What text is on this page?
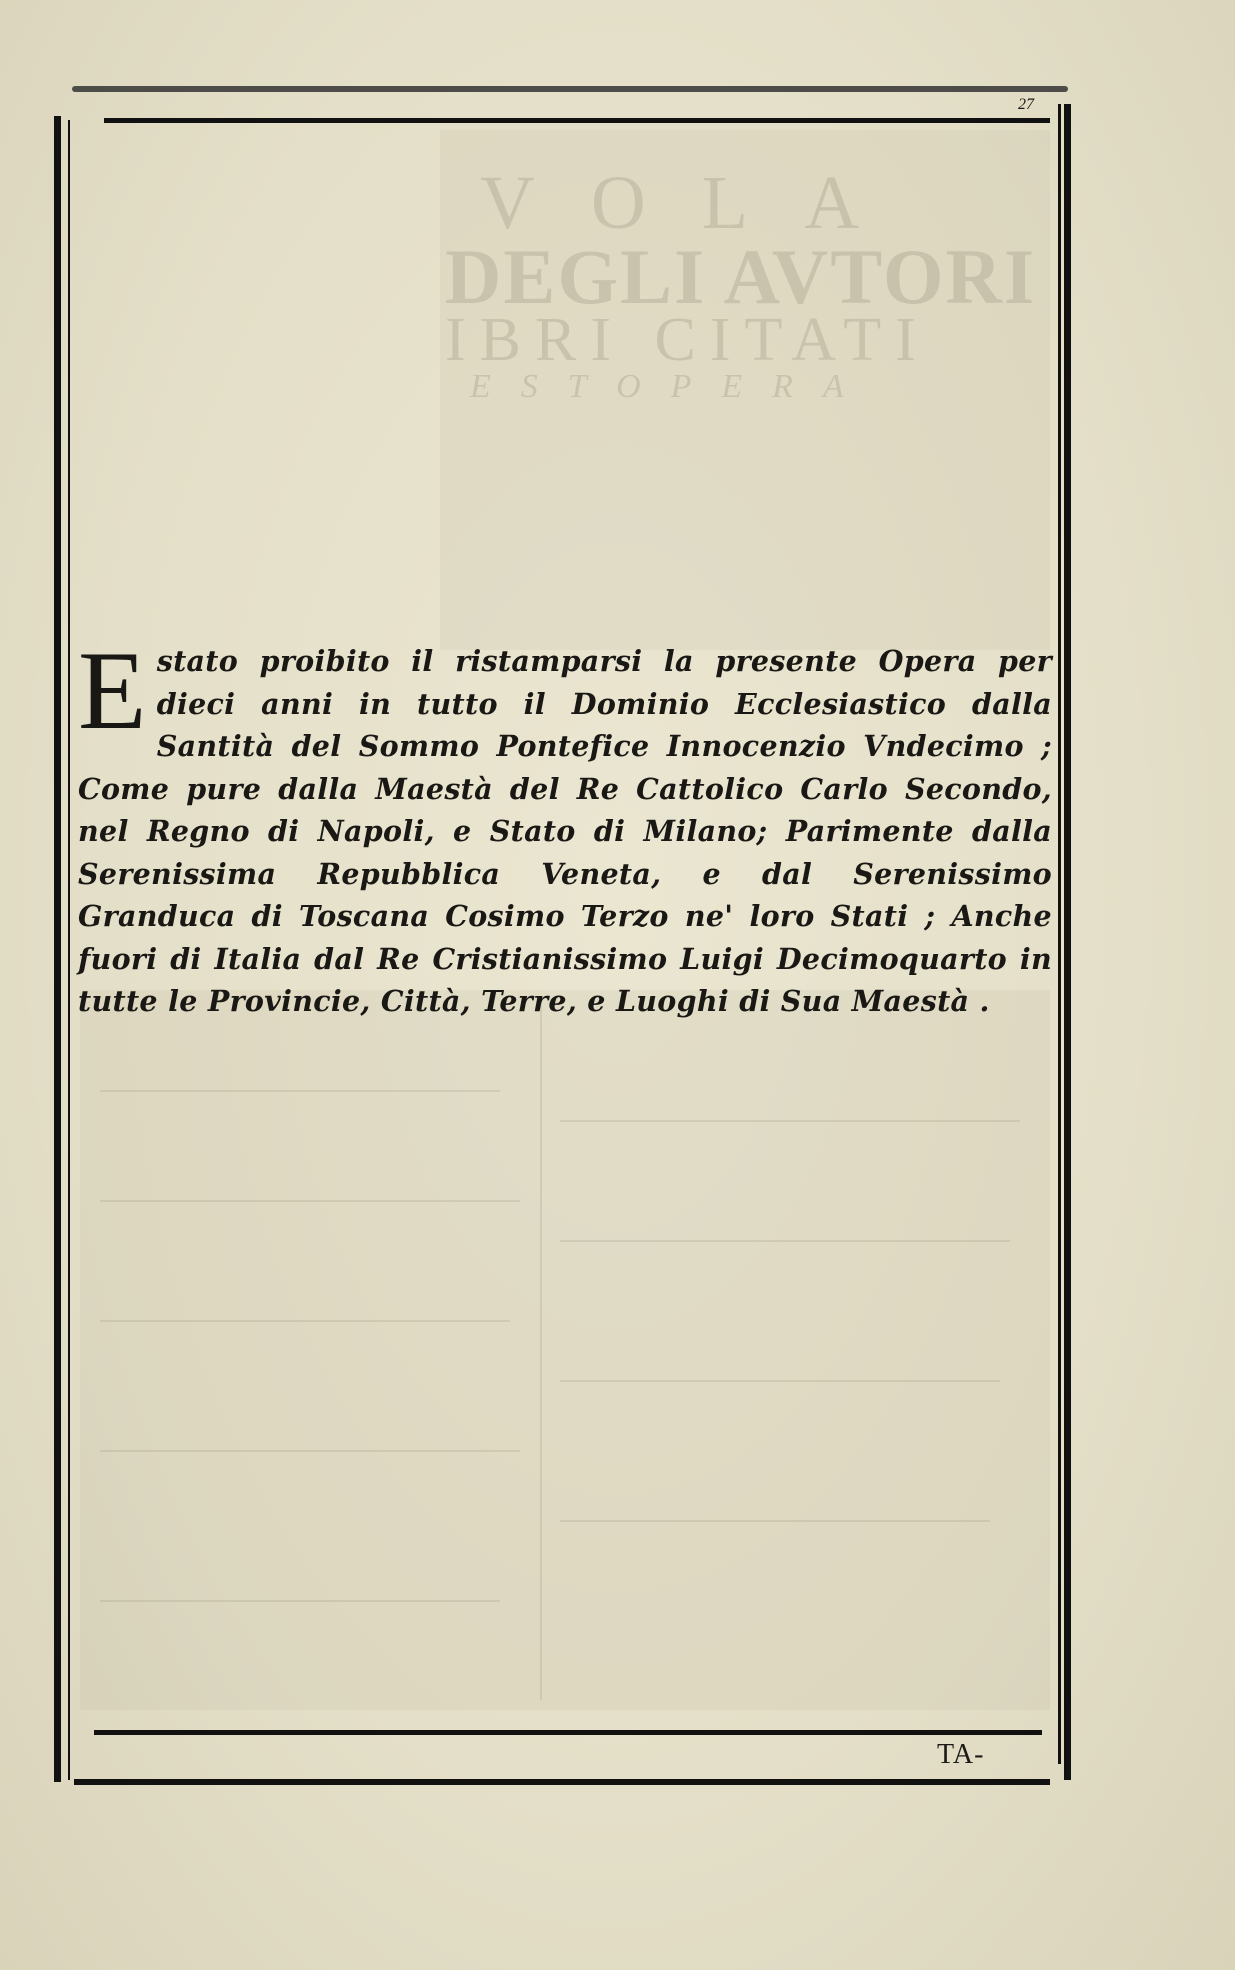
VOLA
DEGLI AVTORI
IBRI CITATI
ESTOPERA
27
Estato proibito il ristamparsi la presente Opera per dieci anni in tutto il Dominio Ecclesiastico dalla Santità del Sommo Pontefice Innocenzio Vndecimo ; Come pure dalla Maestà del Re Cattolico Carlo Secondo, nel Regno di Napoli, e Stato di Milano; Parimente dalla Serenissima Repubblica Veneta, e dal Serenissimo Granduca di Toscana Cosimo Terzo ne' loro Stati ; Anche fuori di Italia dal Re Cristianissimo Luigi Decimoquarto in tutte le Provincie, Città, Terre, e Luoghi di Sua Maestà .
TA-
